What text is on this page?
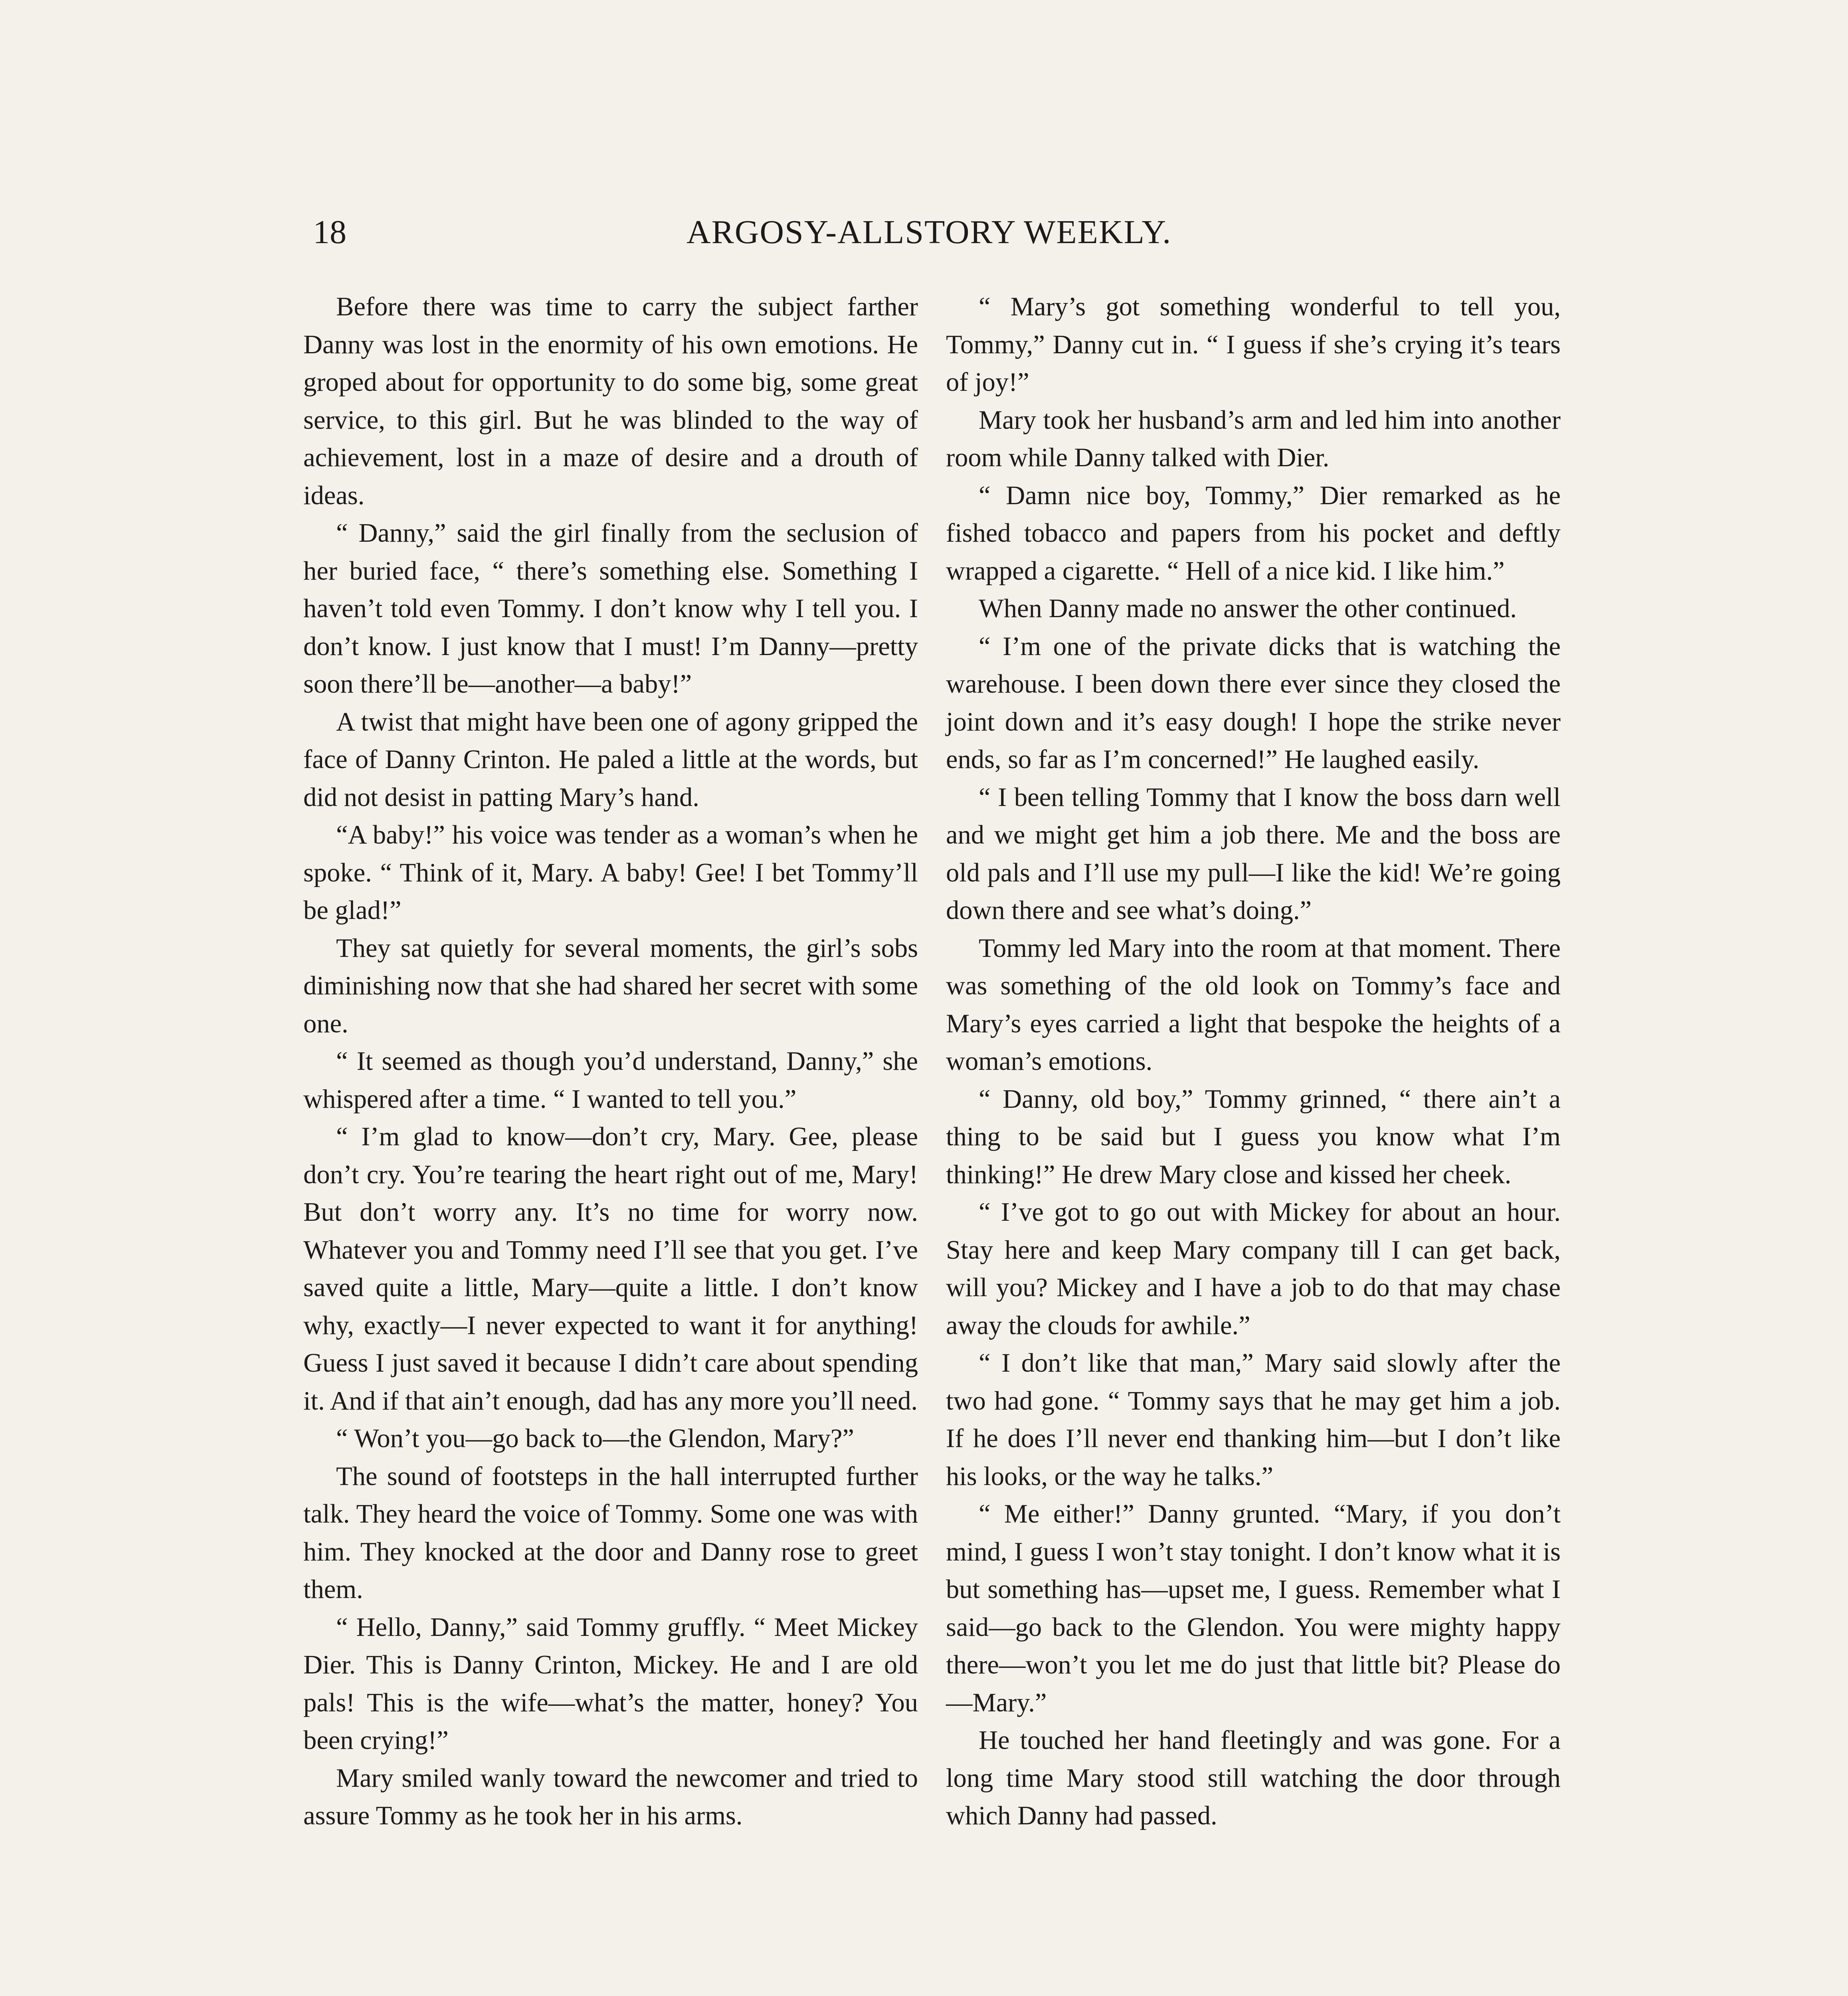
18	ARGOSY-ALLSTORY WEEKLY.

Before there was time to carry the subject farther Danny was lost in the enormity of his own emotions. He groped about for opportunity to do some big, some great service, to this girl. But he was blinded to the way of achievement, lost in a maze of desire and a drouth of ideas.

“ Danny,” said the girl finally from the seclusion of her buried face, “ there’s something else. Something I haven’t told even Tommy. I don’t know why I tell you. I don’t know. I just know that I must! I’m Danny—pretty soon there’ll be—another—a baby!”

A twist that might have been one of agony gripped the face of Danny Crinton. He paled a little at the words, but did not desist in patting Mary’s hand.

“A baby!” his voice was tender as a woman’s when he spoke. “ Think of it, Mary. A baby! Gee! I bet Tommy’ll be glad!”

They sat quietly for several moments, the girl’s sobs diminishing now that she had shared her secret with some one.

“ It seemed as though you’d understand, Danny,” she whispered after a time. “ I wanted to tell you.”

“ I’m glad to know—don’t cry, Mary. Gee, please don’t cry. You’re tearing the heart right out of me, Mary! But don’t worry any. It’s no time for worry now. Whatever you and Tommy need I’ll see that you get. I’ve saved quite a little, Mary—quite a little. I don’t know why, exactly—I never expected to want it for anything! Guess I just saved it because I didn’t care about spending it. And if that ain’t enough, dad has any more you’ll need.

“ Won’t you—go back to—the Glendon, Mary?”

The sound of footsteps in the hall interrupted further talk. They heard the voice of Tommy. Some one was with him. They knocked at the door and Danny rose to greet them.

“ Hello, Danny,” said Tommy gruffly. “ Meet Mickey Dier. This is Danny Crinton, Mickey. He and I are old pals! This is the wife—what’s the matter, honey? You been crying!”

Mary smiled wanly toward the newcomer and tried to assure Tommy as he took her in his arms.

“ Mary’s got something wonderful to tell you, Tommy,” Danny cut in. “ I guess if she’s crying it’s tears of joy!”

Mary took her husband’s arm and led him into another room while Danny talked with Dier.

“ Damn nice boy, Tommy,” Dier remarked as he fished tobacco and papers from his pocket and deftly wrapped a cigarette. “ Hell of a nice kid. I like him.”

When Danny made no answer the other continued.

“ I’m one of the private dicks that is watching the warehouse. I been down there ever since they closed the joint down and it’s easy dough! I hope the strike never ends, so far as I’m concerned!” He laughed easily.

“ I been telling Tommy that I know the boss darn well and we might get him a job there. Me and the boss are old pals and I’ll use my pull—I like the kid! We’re going down there and see what’s doing.”

Tommy led Mary into the room at that moment. There was something of the old look on Tommy’s face and Mary’s eyes carried a light that bespoke the heights of a woman’s emotions.

“ Danny, old boy,” Tommy grinned, “ there ain’t a thing to be said but I guess you know what I’m thinking!” He drew Mary close and kissed her cheek.

“ I’ve got to go out with Mickey for about an hour. Stay here and keep Mary company till I can get back, will you? Mickey and I have a job to do that may chase away the clouds for awhile.”

“ I don’t like that man,” Mary said slowly after the two had gone. “ Tommy says that he may get him a job. If he does I’ll never end thanking him—but I don’t like his looks, or the way he talks.”

“ Me either!” Danny grunted. “Mary, if you don’t mind, I guess I won’t stay tonight. I don’t know what it is but something has—upset me, I guess. Remember what I said—go back to the Glendon. You were mighty happy there—won’t you let me do just that little bit? Please do—Mary.”

He touched her hand fleetingly and was gone. For a long time Mary stood still watching the door through which Danny had passed.
